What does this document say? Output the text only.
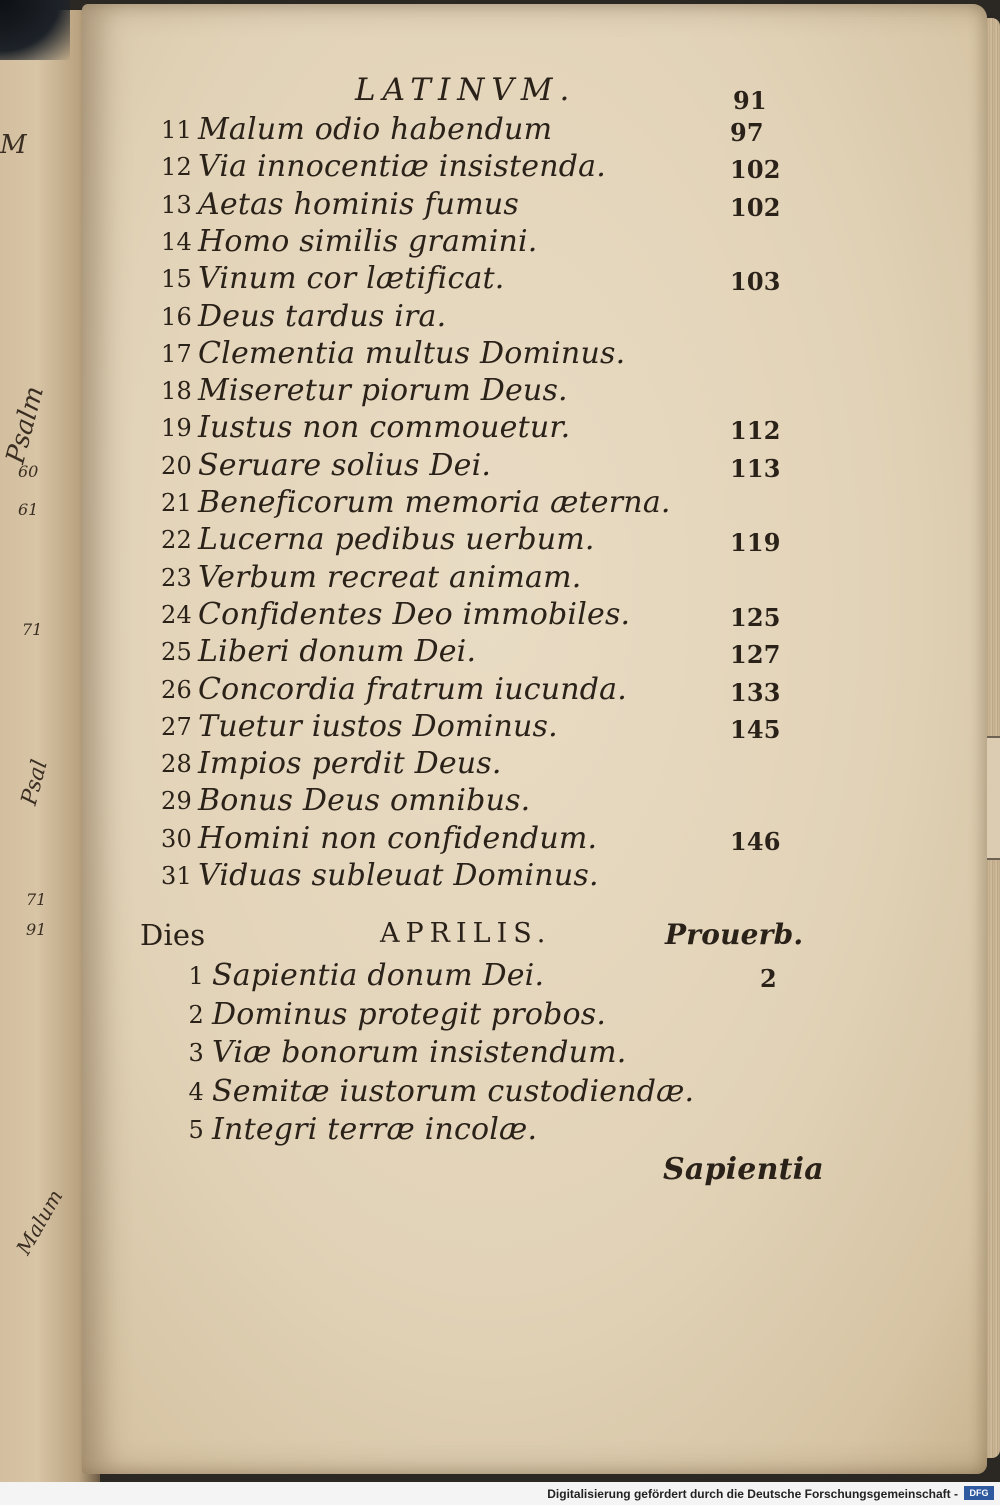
M
Psalm
60
61
71
Psal
71
91
Malum
LATINVM.	91
11 Malum odio habendum	97
12 Via innocentiæ insistenda.	102
13 Aetas hominis fumus	102
14 Homo similis gramini.
15 Vinum cor lætificat.	103
16 Deus tardus ira.
17 Clementia multus Dominus.
18 Miseretur piorum Deus.
19 Iustus non commouetur.	112
20 Seruare solius Dei.	113
21 Beneficorum memoria æterna.
22 Lucerna pedibus uerbum.	119
23 Verbum recreat animam.
24 Confidentes Deo immobiles.	125
25 Liberi donum Dei.	127
26 Concordia fratrum iucunda.	133
27 Tuetur iustos Dominus.	145
28 Impios perdit Deus.
29 Bonus Deus omnibus.
30 Homini non confidendum.	146
31 Viduas subleuat Dominus.
Dies	APRILIS.	Prouerb.
1 Sapientia donum Dei.	2
2 Dominus protegit probos.
3 Viæ bonorum insistendum.
4 Semitæ iustorum custodiendæ.
5 Integri terræ incolæ.
Sapientia
Digitalisierung gefördert durch die Deutsche Forschungsgemeinschaft -	DFG
